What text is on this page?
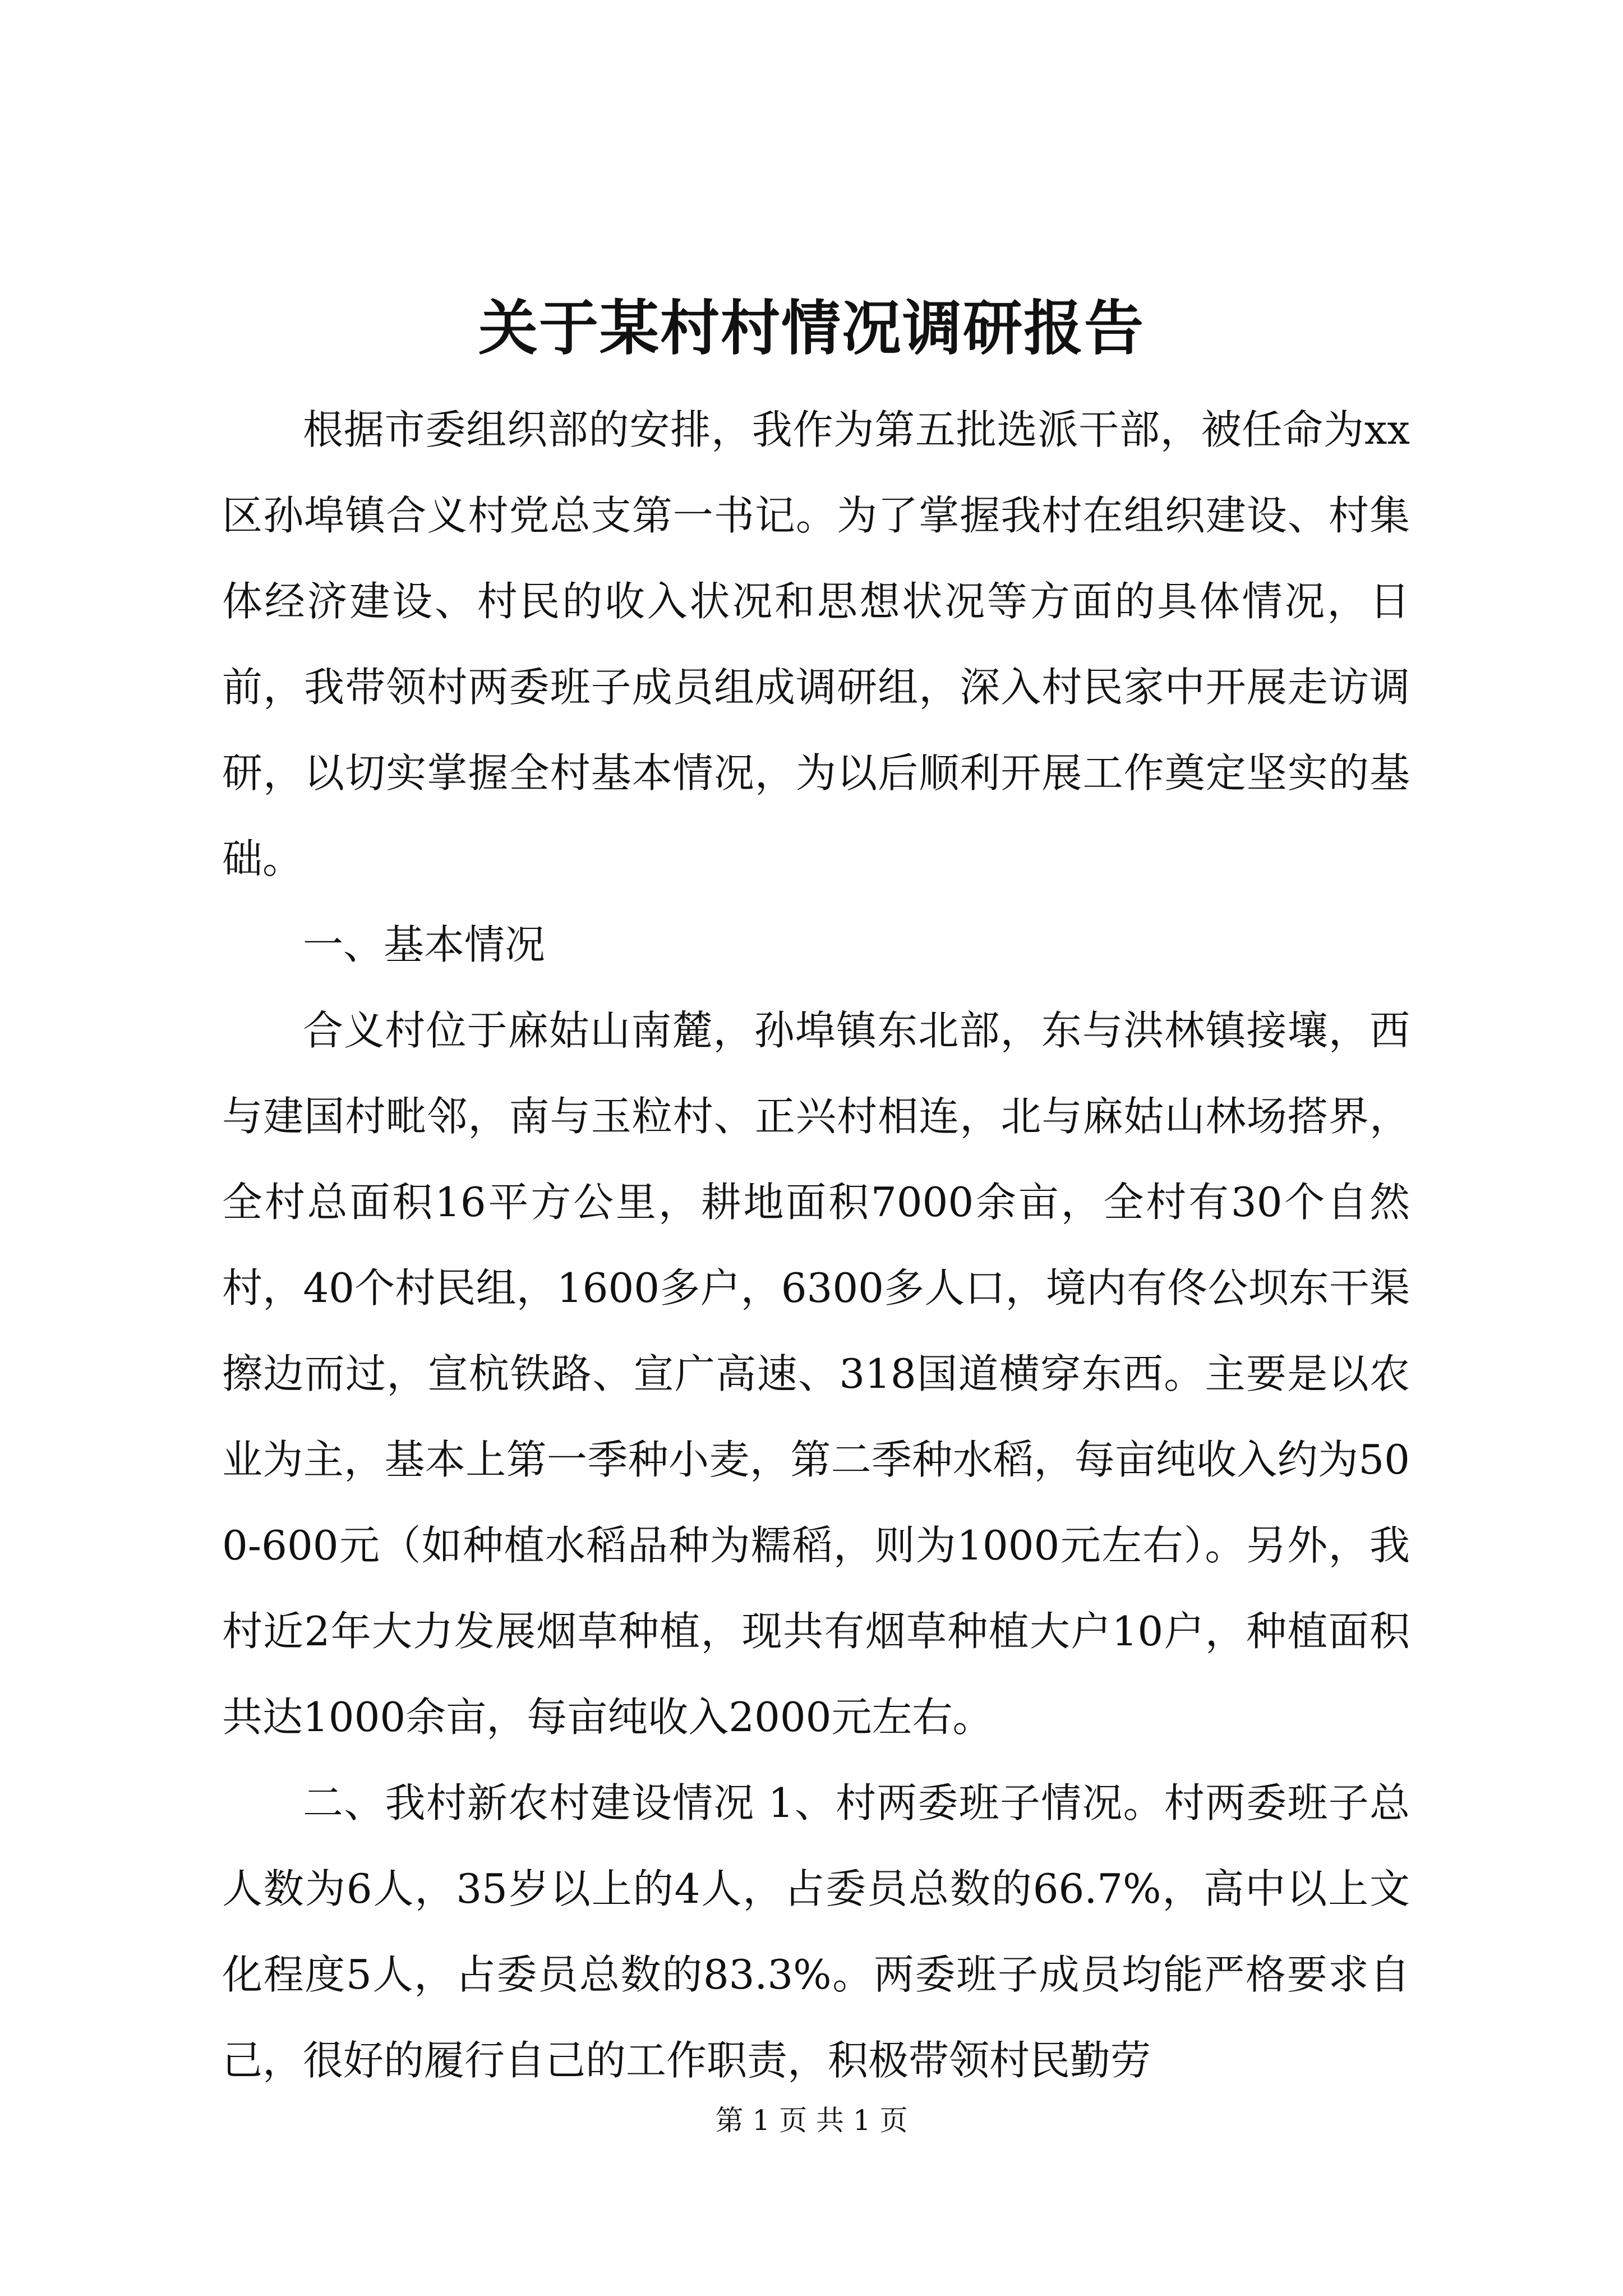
关于某村村情况调研报告

根据市委组织部的安排，我作为第五批选派干部，被任命为xx区孙埠镇合义村党总支第一书记。为了掌握我村在组织建设、村集体经济建设、村民的收入状况和思想状况等方面的具体情况，日前，我带领村两委班子成员组成调研组，深入村民家中开展走访调研，以切实掌握全村基本情况，为以后顺利开展工作奠定坚实的基础。

一、基本情况

合义村位于麻姑山南麓，孙埠镇东北部，东与洪林镇接壤，西与建国村毗邻，南与玉粒村、正兴村相连，北与麻姑山林场搭界，全村总面积16平方公里，耕地面积7000余亩，全村有30个自然村，40个村民组，1600多户，6300多人口，境内有佟公坝东干渠擦边而过，宣杭铁路、宣广高速、318国道横穿东西。主要是以农业为主，基本上第一季种小麦，第二季种水稻，每亩纯收入约为500-600元（如种植水稻品种为糯稻，则为1000元左右）。另外，我村近2年大力发展烟草种植，现共有烟草种植大户10户，种植面积共达1000余亩，每亩纯收入2000元左右。

二、我村新农村建设情况 1、村两委班子情况。村两委班子总人数为6人，35岁以上的4人，占委员总数的66.7%，高中以上文化程度5人，占委员总数的83.3%。两委班子成员均能严格要求自己，很好的履行自己的工作职责，积极带领村民勤劳

第 1 页 共 1 页
